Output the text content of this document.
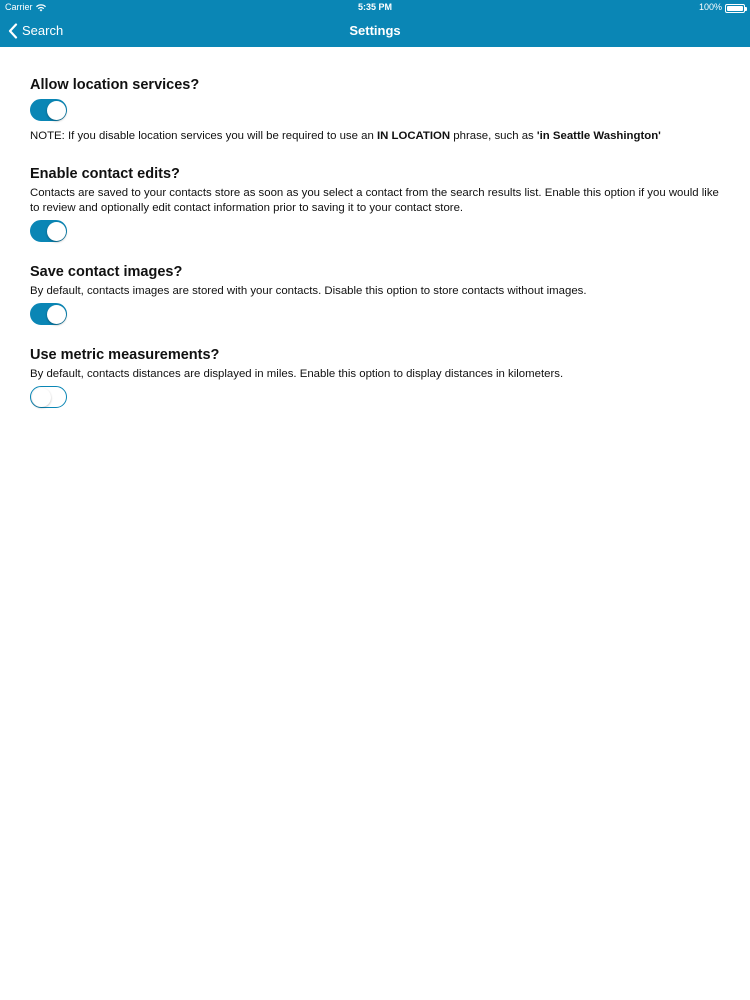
Carrier	5:35 PM	100%
Search	Settings
Allow location services?
NOTE: If you disable location services you will be required to use an IN LOCATION phrase, such as 'in Seattle Washington'
Enable contact edits?
Contacts are saved to your contacts store as soon as you select a contact from the search results list. Enable this option if you would like to review and optionally edit contact information prior to saving it to your contact store.
Save contact images?
By default, contacts images are stored with your contacts. Disable this option to store contacts without images.
Use metric measurements?
By default, contacts distances are displayed in miles. Enable this option to display distances in kilometers.
